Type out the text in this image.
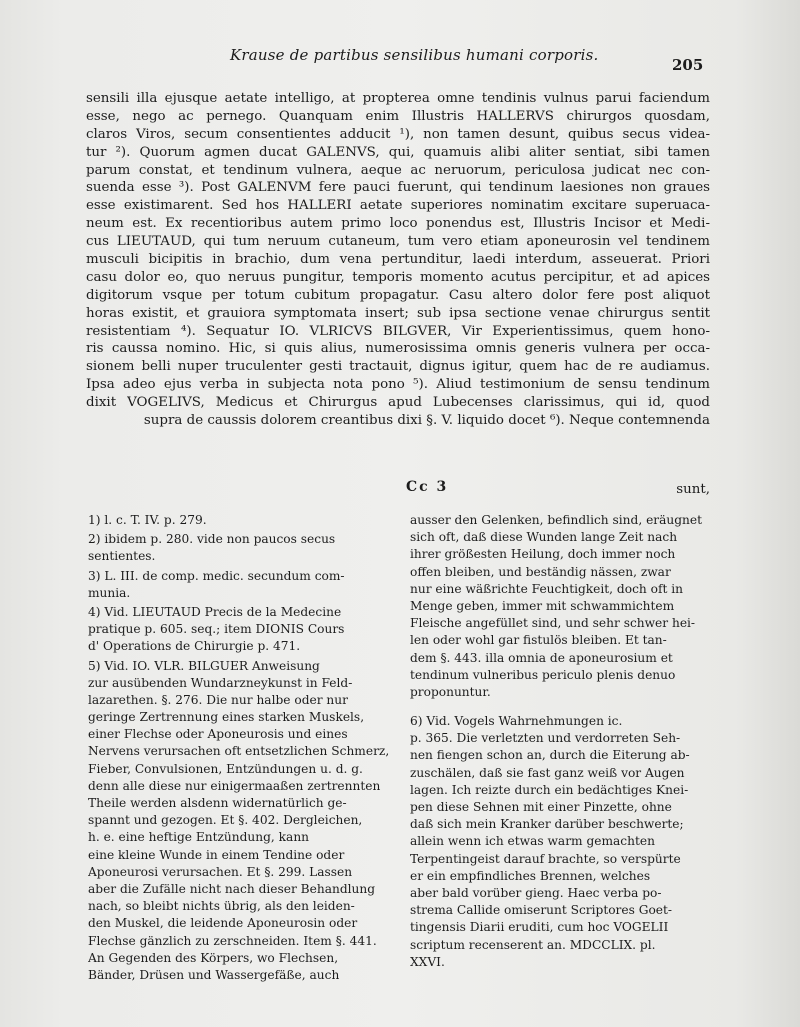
Krause de partibus sensilibus humani corporis.
205
sensili illa ejusque aetate intelligo, at propterea omne tendinis vulnus parui faciendum
esse, nego ac pernego. Quanquam enim Illustris HALLERVS chirurgos quosdam,
claros Viros, secum consentientes adducit ¹), non tamen desunt, quibus secus videa-
tur ²). Quorum agmen ducat GALENVS, qui, quamuis alibi aliter sentiat, sibi tamen
parum constat, et tendinum vulnera, aeque ac neruorum, periculosa judicat nec con-
suenda esse ³). Post GALENVM fere pauci fuerunt, qui tendinum laesiones non graues
esse existimarent. Sed hos HALLERI aetate superiores nominatim excitare superuaca-
neum est. Ex recentioribus autem primo loco ponendus est, Illustris Incisor et Medi-
cus LIEUTAUD, qui tum neruum cutaneum, tum vero etiam aponeurosin vel tendinem
musculi bicipitis in brachio, dum vena pertunditur, laedi interdum, asseuerat. Priori
casu dolor eo, quo neruus pungitur, temporis momento acutus percipitur, et ad apices
digitorum vsque per totum cubitum propagatur. Casu altero dolor fere post aliquot
horas existit, et grauiora symptomata insert; sub ipsa sectione venae chirurgus sentit
resistentiam ⁴). Sequatur IO. VLRICVS BILGVER, Vir Experientissimus, quem hono-
ris caussa nomino. Hic, si quis alius, numerosissima omnis generis vulnera per occa-
sionem belli nuper truculenter gesti tractauit, dignus igitur, quem hac de re audiamus.
Ipsa adeo ejus verba in subjecta nota pono ⁵). Aliud testimonium de sensu tendinum
dixit VOGELIVS, Medicus et Chirurgus apud Lubecenses clarissimus, qui id, quod
supra de caussis dolorem creantibus dixi §. V. liquido docet ⁶). Neque contemnenda
Cc 3	sunt,
1) l. c. T. IV. p. 279.
2) ibidem p. 280. vide non paucos secus
sentientes.
3) L. III. de comp. medic. secundum com-
munia.
4) Vid. LIEUTAUD Precis de la Medecine
pratique p. 605. seq.; item DIONIS Cours
d' Operations de Chirurgie p. 471.
5) Vid. IO. VLR. BILGUER Anweisung
zur ausübenden Wundarzneykunst in Feld-
lazarethen. §. 276. Die nur halbe oder nur
geringe Zertrennung eines starken Muskels,
einer Flechse oder Aponeurosis und eines
Nervens verursachen oft entsetzlichen Schmerz,
Fieber, Convulsionen, Entzündungen u. d. g.
denn alle diese nur einigermaaßen zertrennten
Theile werden alsdenn widernatürlich ge-
spannt und gezogen. Et §. 402. Dergleichen,
h. e. eine heftige Entzündung, kann
eine kleine Wunde in einem Tendine oder
Aponeurosi verursachen. Et §. 299. Lassen
aber die Zufälle nicht nach dieser Behandlung
nach, so bleibt nichts übrig, als den leiden-
den Muskel, die leidende Aponeurosin oder
Flechse gänzlich zu zerschneiden. Item §. 441.
An Gegenden des Körpers, wo Flechsen,
Bänder, Drüsen und Wassergefäße, auch
ausser den Gelenken, befindlich sind, eräugnet
sich oft, daß diese Wunden lange Zeit nach
ihrer größesten Heilung, doch immer noch
offen bleiben, und beständig nässen, zwar
nur eine wäßrichte Feuchtigkeit, doch oft in
Menge geben, immer mit schwammichtem
Fleische angefüllet sind, und sehr schwer hei-
len oder wohl gar fistulös bleiben. Et tan-
dem §. 443. illa omnia de aponeurosium et
tendinum vulneribus periculo plenis denuo
proponuntur.
6) Vid. Vogels Wahrnehmungen ic.
p. 365. Die verletzten und verdorreten Seh-
nen fiengen schon an, durch die Eiterung ab-
zuschälen, daß sie fast ganz weiß vor Augen
lagen. Ich reizte durch ein bedächtiges Knei-
pen diese Sehnen mit einer Pinzette, ohne
daß sich mein Kranker darüber beschwerte;
allein wenn ich etwas warm gemachten
Terpentingeist darauf brachte, so verspürte
er ein empfindliches Brennen, welches
aber bald vorüber gieng. Haec verba po-
strema Callide omiserunt Scriptores Goet-
tingensis Diarii eruditi, cum hoc VOGELII
scriptum recenserent an. MDCCLIX. pl.
XXVI.
